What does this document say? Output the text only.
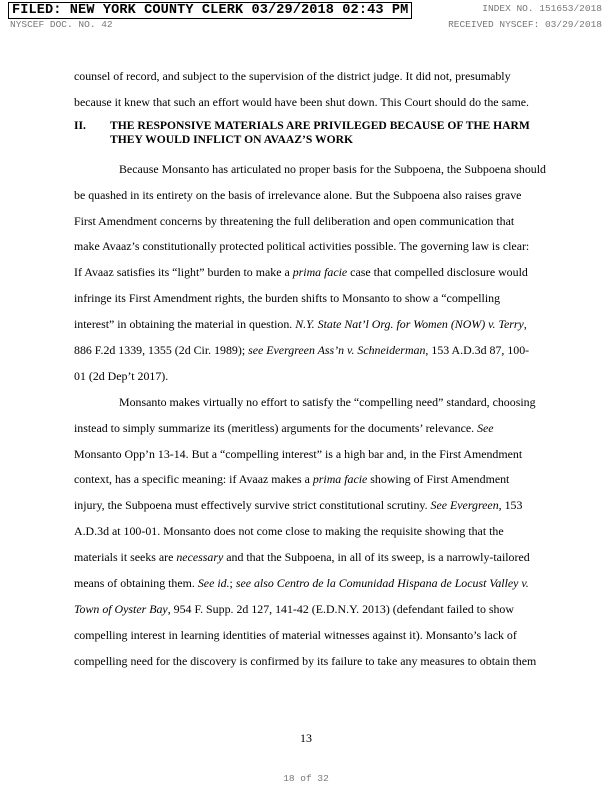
FILED: NEW YORK COUNTY CLERK 03/29/2018 02:43 PM	INDEX NO. 151653/2018
NYSCEF DOC. NO. 42	RECEIVED NYSCEF: 03/29/2018
counsel of record, and subject to the supervision of the district judge. It did not, presumably
because it knew that such an effort would have been shut down. This Court should do the same.
II.	THE RESPONSIVE MATERIALS ARE PRIVILEGED BECAUSE OF THE HARM THEY WOULD INFLICT ON AVAAZ’S WORK
Because Monsanto has articulated no proper basis for the Subpoena, the Subpoena should
be quashed in its entirety on the basis of irrelevance alone. But the Subpoena also raises grave
First Amendment concerns by threatening the full deliberation and open communication that
make Avaaz’s constitutionally protected political activities possible. The governing law is clear:
If Avaaz satisfies its “light” burden to make a prima facie case that compelled disclosure would
infringe its First Amendment rights, the burden shifts to Monsanto to show a “compelling
interest” in obtaining the material in question. N.Y. State Nat’l Org. for Women (NOW) v. Terry,
886 F.2d 1339, 1355 (2d Cir. 1989); see Evergreen Ass’n v. Schneiderman, 153 A.D.3d 87, 100-
01 (2d Dep’t 2017).
Monsanto makes virtually no effort to satisfy the “compelling need” standard, choosing
instead to simply summarize its (meritless) arguments for the documents’ relevance. See
Monsanto Opp’n 13-14. But a “compelling interest” is a high bar and, in the First Amendment
context, has a specific meaning: if Avaaz makes a prima facie showing of First Amendment
injury, the Subpoena must effectively survive strict constitutional scrutiny. See Evergreen, 153
A.D.3d at 100-01. Monsanto does not come close to making the requisite showing that the
materials it seeks are necessary and that the Subpoena, in all of its sweep, is a narrowly-tailored
means of obtaining them. See id.; see also Centro de la Comunidad Hispana de Locust Valley v.
Town of Oyster Bay, 954 F. Supp. 2d 127, 141-42 (E.D.N.Y. 2013) (defendant failed to show
compelling interest in learning identities of material witnesses against it). Monsanto’s lack of
compelling need for the discovery is confirmed by its failure to take any measures to obtain them
13
18 of 32
